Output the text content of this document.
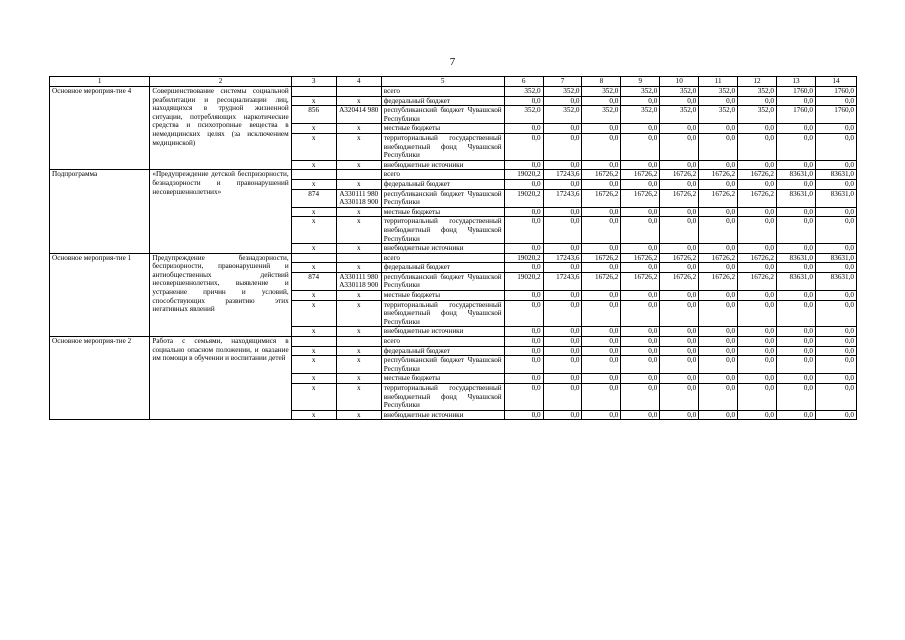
7
1	2	3	4	5	6	7	8	9	10	11	12	13	14
Основное мероприя-тие 4	Совершенствование системы социальной реабилитации и ресоциализации лиц, находящихся в трудной жизненной ситуации, потребляющих наркотические средства и психотропные вещества в немедицинских целях (за исключением медицинской)			всего	352,0	352,0	352,0	352,0	352,0	352,0	352,0	1760,0	1760,0
		x	x	федеральный бюджет	0,0	0,0	0,0	0,0	0,0	0,0	0,0	0,0	0,0
		856	А320414 980	республиканский бюджет Чувашской Республики	352,0	352,0	352,0	352,0	352,0	352,0	352,0	1760,0	1760,0
		x	x	местные бюджеты	0,0	0,0	0,0	0,0	0,0	0,0	0,0	0,0	0,0
		x	x	территориальный государственный внебюджетный фонд Чувашской Республики	0,0	0,0	0,0	0,0	0,0	0,0	0,0	0,0	0,0
		x	x	внебюджетные источники	0,0	0,0	0,0	0,0	0,0	0,0	0,0	0,0	0,0
Подпрограмма	«Предупреждение детской беспризорности, безнадзорности и правонарушений несовершеннолетних»			всего	19020,2	17243,6	16726,2	16726,2	16726,2	16726,2	16726,2	83631,0	83631,0
		x	x	федеральный бюджет	0,0	0,0	0,0	0,0	0,0	0,0	0,0	0,0	0,0
		874	А330111 980 А330118 900	республиканский бюджет Чувашской Республики	19020,2	17243,6	16726,2	16726,2	16726,2	16726,2	16726,2	83631,0	83631,0
		x	x	местные бюджеты	0,0	0,0	0,0	0,0	0,0	0,0	0,0	0,0	0,0
		x	x	территориальный государственный внебюджетный фонд Чувашской Республики	0,0	0,0	0,0	0,0	0,0	0,0	0,0	0,0	0,0
		x	x	внебюджетные источники	0,0	0,0	0,0	0,0	0,0	0,0	0,0	0,0	0,0
Основное мероприя-тие 1	Предупреждение безнадзорности, беспризорности, правонарушений и антиобщественных действий несовершеннолетних, выявление и устранение причин и условий, способствующих развитию этих негативных явлений			всего	19020,2	17243,6	16726,2	16726,2	16726,2	16726,2	16726,2	83631,0	83631,0
		x	x	федеральный бюджет	0,0	0,0	0,0	0,0	0,0	0,0	0,0	0,0	0,0
		874	А330111 980 А330118 900	республиканский бюджет Чувашской Республики	19020,2	17243,6	16726,2	16726,2	16726,2	16726,2	16726,2	83631,0	83631,0
		x	x	местные бюджеты	0,0	0,0	0,0	0,0	0,0	0,0	0,0	0,0	0,0
		x	x	территориальный государственный внебюджетный фонд Чувашской Республики	0,0	0,0	0,0	0,0	0,0	0,0	0,0	0,0	0,0
		x	x	внебюджетные источники	0,0	0,0	0,0	0,0	0,0	0,0	0,0	0,0	0,0
Основное мероприя-тие 2	Работа с семьями, находящимися в социально опасном положении, и оказание им помощи в обучении и воспитании детей			всего	0,0	0,0	0,0	0,0	0,0	0,0	0,0	0,0	0,0
		x	x	федеральный бюджет	0,0	0,0	0,0	0,0	0,0	0,0	0,0	0,0	0,0
		x	x	республиканский бюджет Чувашской Республики	0,0	0,0	0,0	0,0	0,0	0,0	0,0	0,0	0,0
		x	x	местные бюджеты	0,0	0,0	0,0	0,0	0,0	0,0	0,0	0,0	0,0
		x	x	территориальный государственный внебюджетный фонд Чувашской Республики	0,0	0,0	0,0	0,0	0,0	0,0	0,0	0,0	0,0
		x	x	внебюджетные источники	0,0	0,0	0,0	0,0	0,0	0,0	0,0	0,0	0,0
